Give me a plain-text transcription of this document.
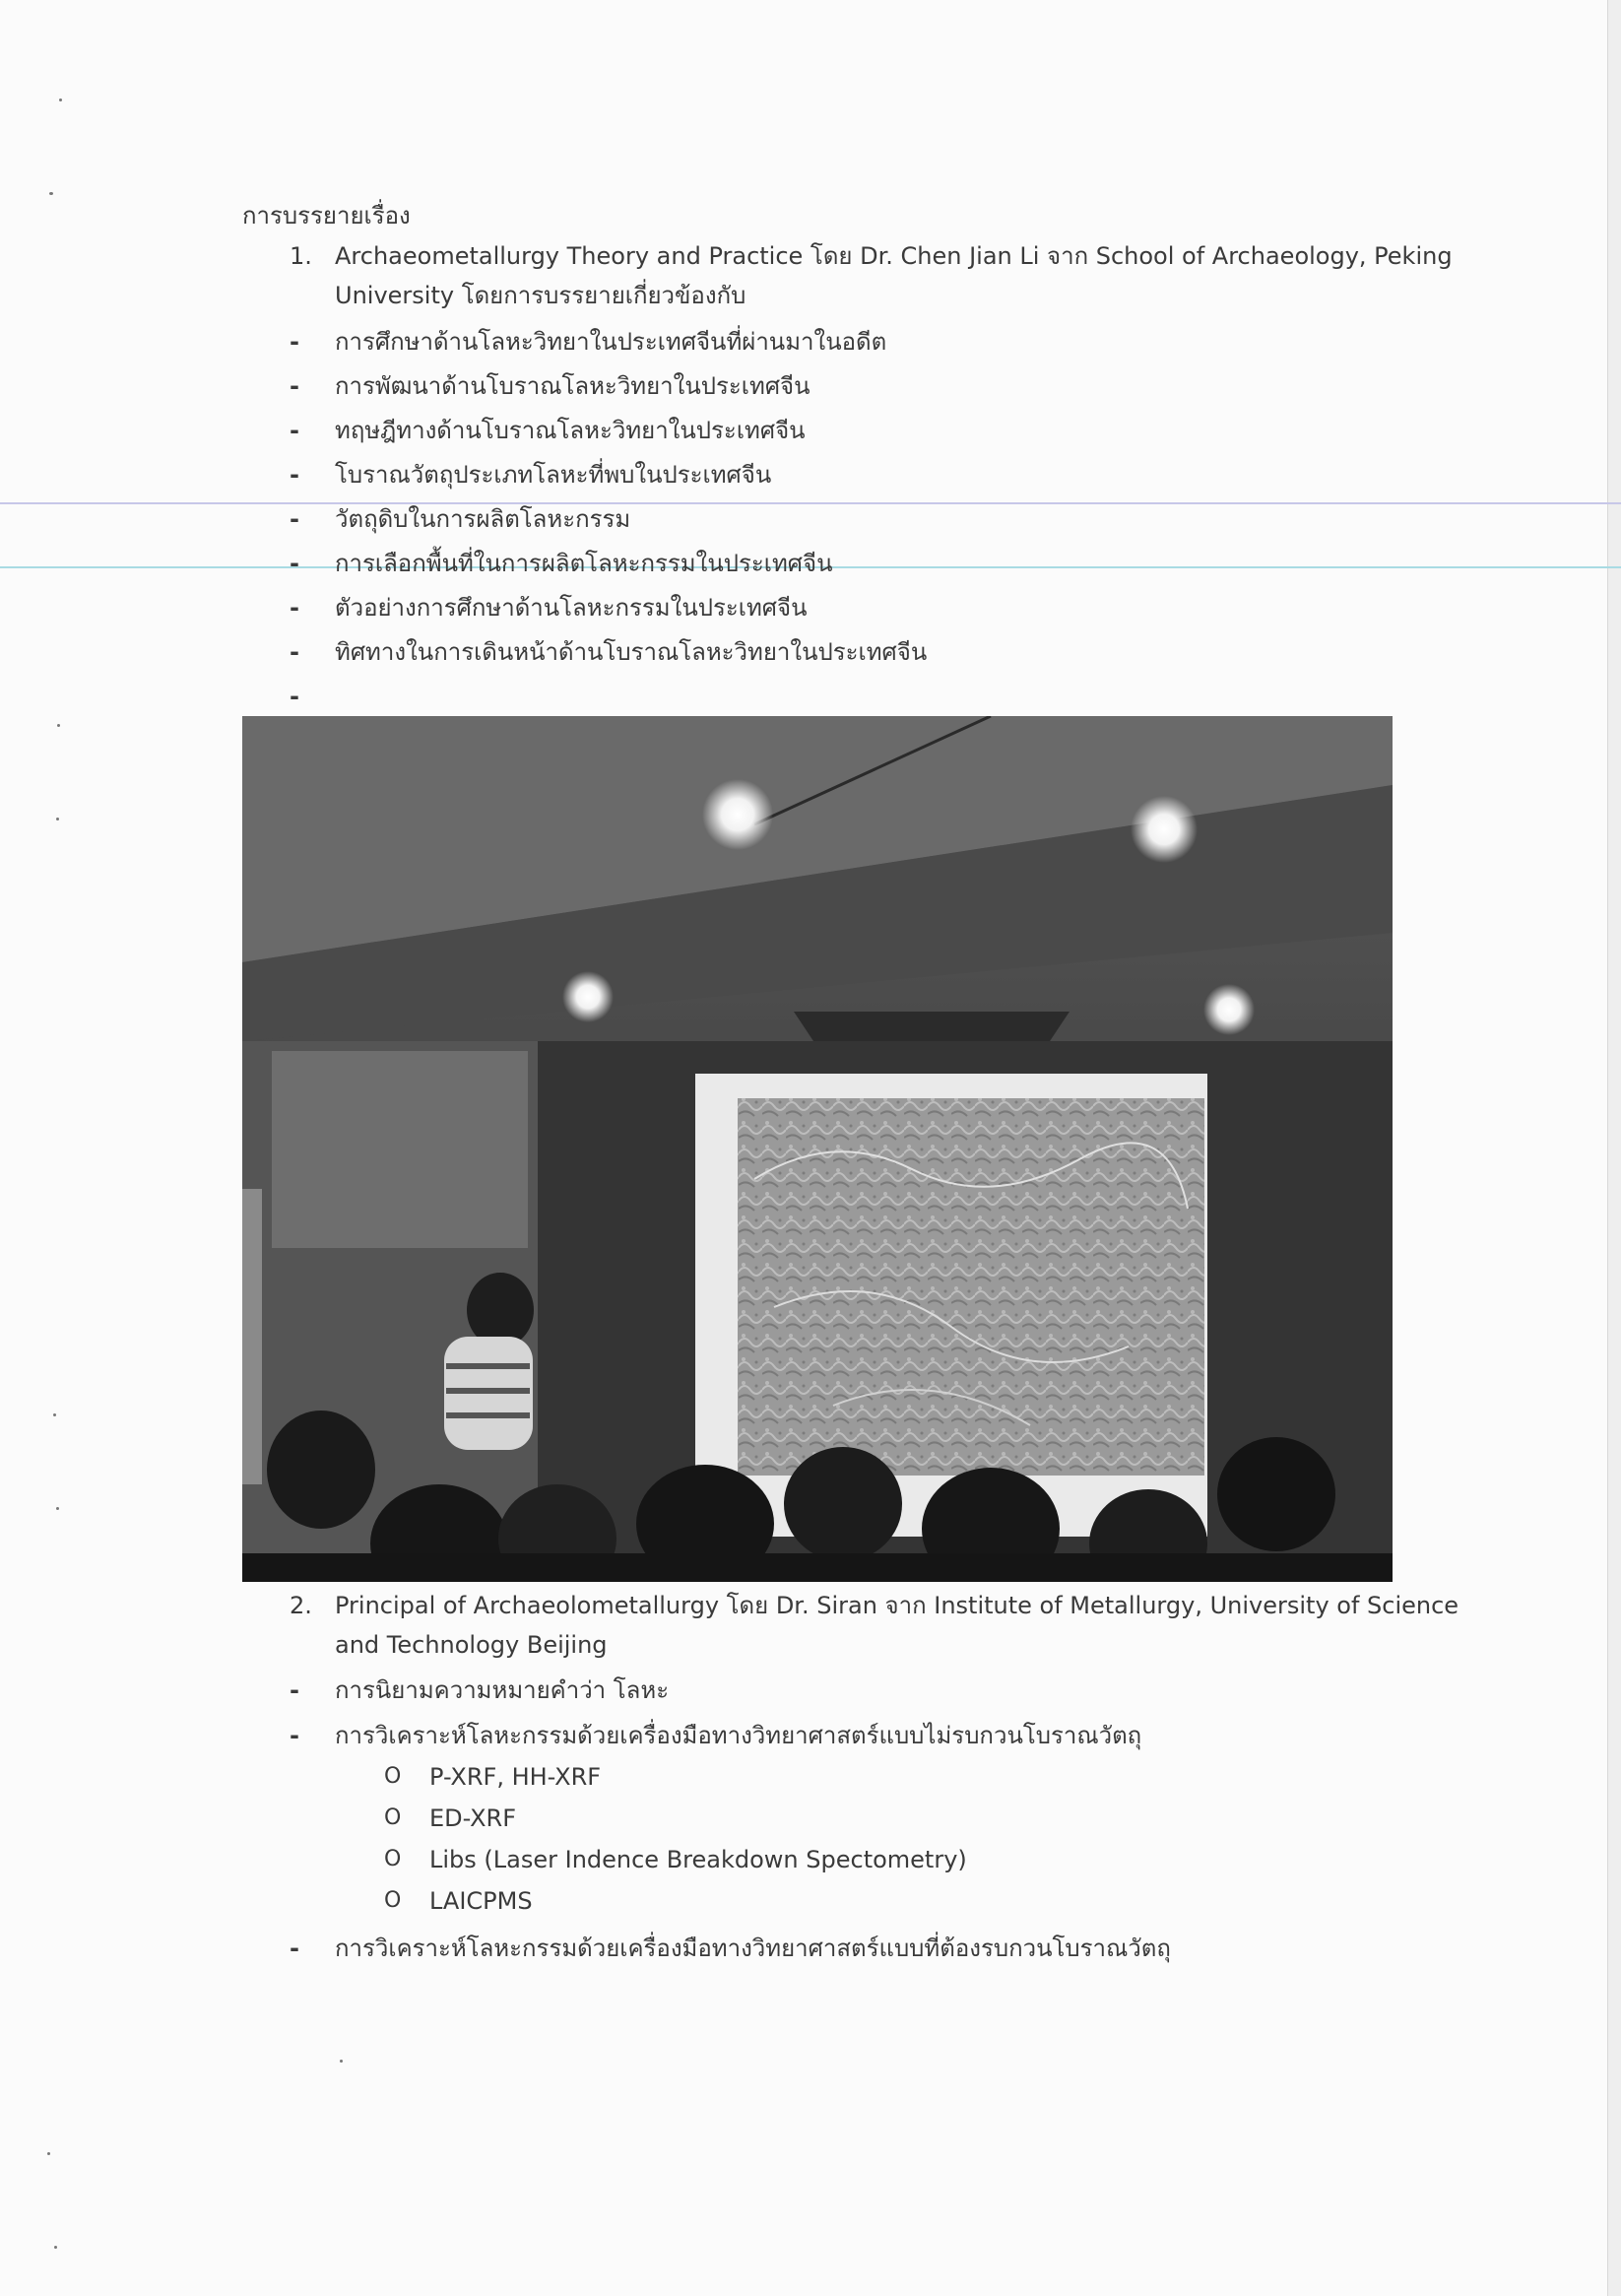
การบรรยายเรื่อง
1. Archaeometallurgy Theory and Practice โดย Dr. Chen Jian Li จาก School of Archaeology, Peking
University โดยการบรรยายเกี่ยวข้องกับ
- การศึกษาด้านโลหะวิทยาในประเทศจีนที่ผ่านมาในอดีต
- การพัฒนาด้านโบราณโลหะวิทยาในประเทศจีน
- ทฤษฎีทางด้านโบราณโลหะวิทยาในประเทศจีน
- โบราณวัตถุประเภทโลหะที่พบในประเทศจีน
- วัตถุดิบในการผลิตโลหะกรรม
- การเลือกพื้นที่ในการผลิตโลหะกรรมในประเทศจีน
- ตัวอย่างการศึกษาด้านโลหะกรรมในประเทศจีน
- ทิศทางในการเดินหน้าด้านโบราณโลหะวิทยาในประเทศจีน
-
2. Principal of Archaeolometallurgy โดย Dr. Siran จาก Institute of Metallurgy, University of Science
and Technology Beijing
- การนิยามความหมายคำว่า โลหะ
- การวิเคราะห์โลหะกรรมด้วยเครื่องมือทางวิทยาศาสตร์แบบไม่รบกวนโบราณวัตถุ
O P-XRF, HH-XRF
O ED-XRF
O Libs (Laser Indence Breakdown Spectometry)
O LAICPMS
- การวิเคราะห์โลหะกรรมด้วยเครื่องมือทางวิทยาศาสตร์แบบที่ต้องรบกวนโบราณวัตถุ
